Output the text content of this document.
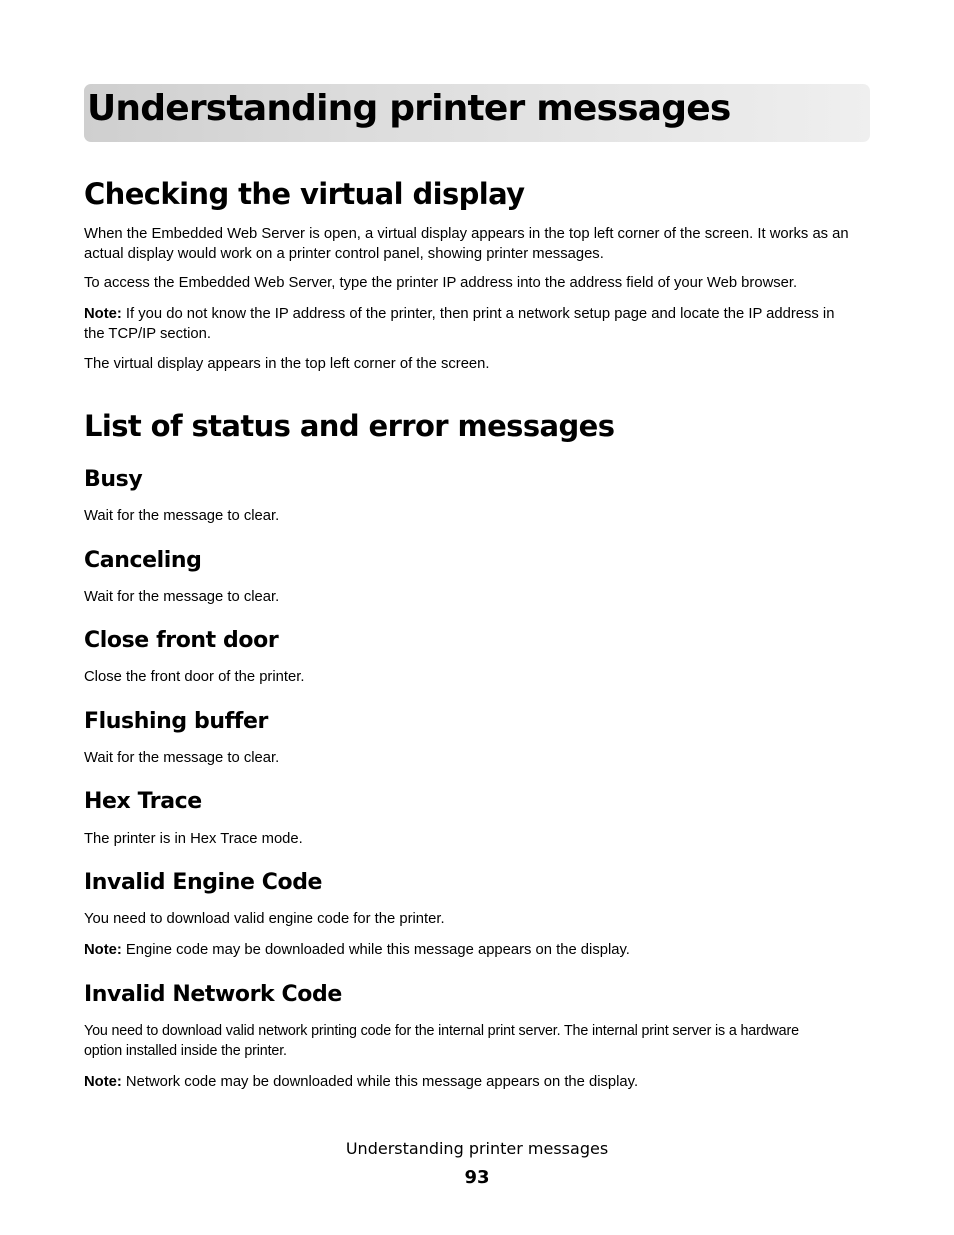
Understanding printer messages
Checking the virtual display

When the Embedded Web Server is open, a virtual display appears in the top left corner of the screen. It works as an
actual display would work on a printer control panel, showing printer messages.

To access the Embedded Web Server, type the printer IP address into the address field of your Web browser.

Note: If you do not know the IP address of the printer, then print a network setup page and locate the IP address in
the TCP/IP section.

The virtual display appears in the top left corner of the screen.

List of status and error messages
Busy

Wait for the message to clear.

Canceling

Wait for the message to clear.

Close front door

Close the front door of the printer.

Flushing buffer

Wait for the message to clear.

Hex Trace

The printer is in Hex Trace mode.

Invalid Engine Code

You need to download valid engine code for the printer.

Note: Engine code may be downloaded while this message appears on the display.

Invalid Network Code

You need to download valid network printing code for the internal print server. The internal print server is a hardware
option installed inside the printer.

Note: Network code may be downloaded while this message appears on the display.

Understanding printer messages
93
